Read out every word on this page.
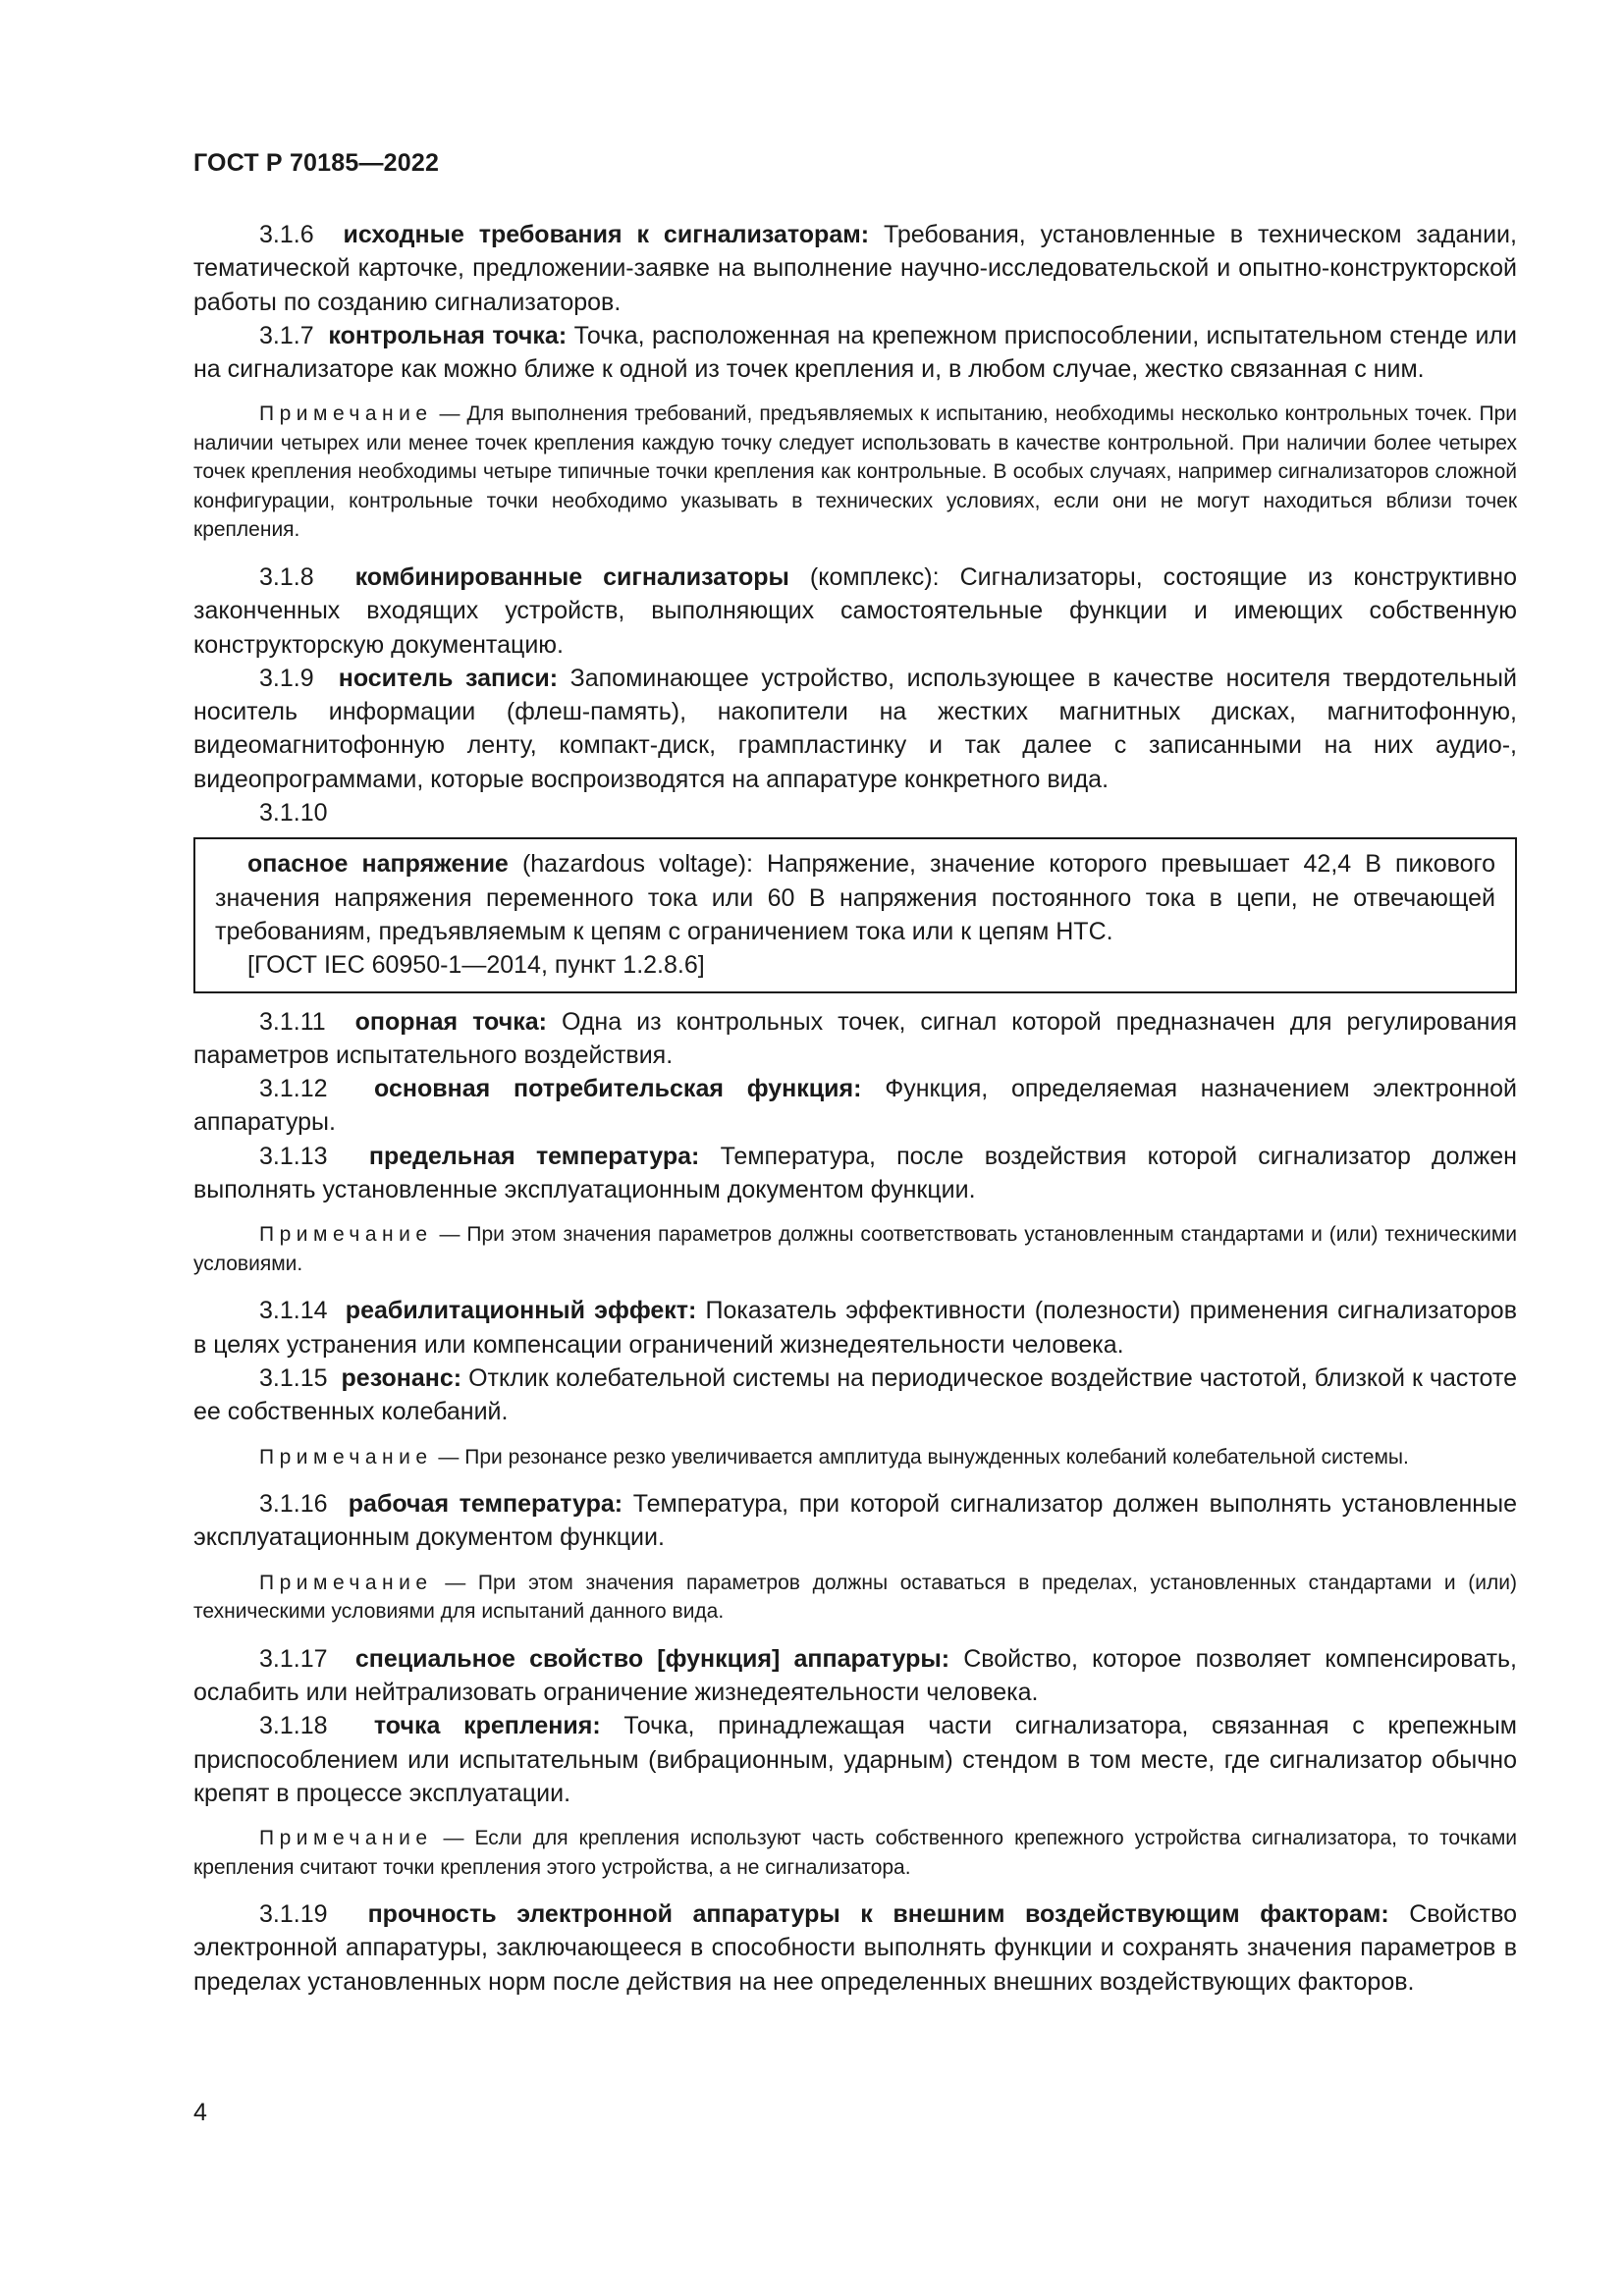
ГОСТ Р 70185—2022

3.1.6 исходные требования к сигнализаторам: Требования, установленные в техническом задании, тематической карточке, предложении-заявке на выполнение научно-исследовательской и опытно-конструкторской работы по созданию сигнализаторов.

3.1.7 контрольная точка: Точка, расположенная на крепежном приспособлении, испытательном стенде или на сигнализаторе как можно ближе к одной из точек крепления и, в любом случае, жестко связанная с ним.

Примечание — Для выполнения требований, предъявляемых к испытанию, необходимы несколько контрольных точек. При наличии четырех или менее точек крепления каждую точку следует использовать в качестве контрольной. При наличии более четырех точек крепления необходимы четыре типичные точки крепления как контрольные. В особых случаях, например сигнализаторов сложной конфигурации, контрольные точки необходимо указывать в технических условиях, если они не могут находиться вблизи точек крепления.

3.1.8 комбинированные сигнализаторы (комплекс): Сигнализаторы, состоящие из конструктивно законченных входящих устройств, выполняющих самостоятельные функции и имеющих собственную конструкторскую документацию.

3.1.9 носитель записи: Запоминающее устройство, использующее в качестве носителя твердотельный носитель информации (флеш-память), накопители на жестких магнитных дисках, магнитофонную, видеомагнитофонную ленту, компакт-диск, грампластинку и так далее с записанными на них аудио-, видеопрограммами, которые воспроизводятся на аппаратуре конкретного вида.

3.1.10

опасное напряжение (hazardous voltage): Напряжение, значение которого превышает 42,4 В пикового значения напряжения переменного тока или 60 В напряжения постоянного тока в цепи, не отвечающей требованиям, предъявляемым к цепям с ограничением тока или к цепям НТС.

[ГОСТ IEC 60950-1—2014, пункт 1.2.8.6]

3.1.11 опорная точка: Одна из контрольных точек, сигнал которой предназначен для регулирования параметров испытательного воздействия.

3.1.12 основная потребительская функция: Функция, определяемая назначением электронной аппаратуры.

3.1.13 предельная температура: Температура, после воздействия которой сигнализатор должен выполнять установленные эксплуатационным документом функции.

Примечание — При этом значения параметров должны соответствовать установленным стандартами и (или) техническими условиями.

3.1.14 реабилитационный эффект: Показатель эффективности (полезности) применения сигнализаторов в целях устранения или компенсации ограничений жизнедеятельности человека.

3.1.15 резонанс: Отклик колебательной системы на периодическое воздействие частотой, близкой к частоте ее собственных колебаний.

Примечание — При резонансе резко увеличивается амплитуда вынужденных колебаний колебательной системы.

3.1.16 рабочая температура: Температура, при которой сигнализатор должен выполнять установленные эксплуатационным документом функции.

Примечание — При этом значения параметров должны оставаться в пределах, установленных стандартами и (или) техническими условиями для испытаний данного вида.

3.1.17 специальное свойство [функция] аппаратуры: Свойство, которое позволяет компенсировать, ослабить или нейтрализовать ограничение жизнедеятельности человека.

3.1.18 точка крепления: Точка, принадлежащая части сигнализатора, связанная с крепежным приспособлением или испытательным (вибрационным, ударным) стендом в том месте, где сигнализатор обычно крепят в процессе эксплуатации.

Примечание — Если для крепления используют часть собственного крепежного устройства сигнализатора, то точками крепления считают точки крепления этого устройства, а не сигнализатора.

3.1.19 прочность электронной аппаратуры к внешним воздействующим факторам: Свойство электронной аппаратуры, заключающееся в способности выполнять функции и сохранять значения параметров в пределах установленных норм после действия на нее определенных внешних воздействующих факторов.

4
